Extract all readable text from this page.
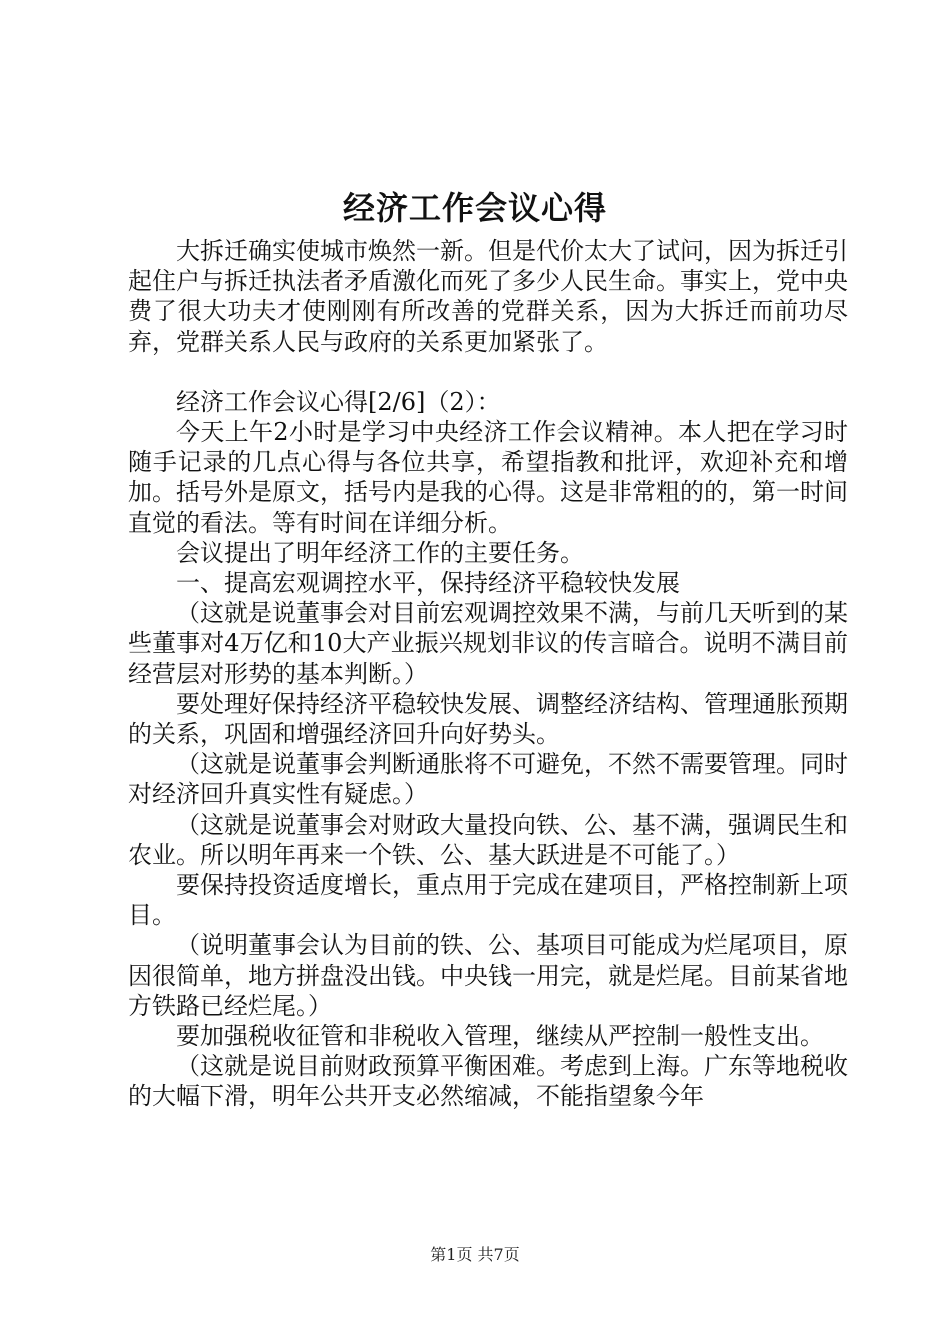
经济工作会议心得

大拆迁确实使城市焕然一新。但是代价太大了试问，因为拆迁引起住户与拆迁执法者矛盾激化而死了多少人民生命。事实上，党中央费了很大功夫才使刚刚有所改善的党群关系，因为大拆迁而前功尽弃，党群关系人民与政府的关系更加紧张了。

经济工作会议心得[2/6]（2）：

今天上午2小时是学习中央经济工作会议精神。本人把在学习时随手记录的几点心得与各位共享，希望指教和批评，欢迎补充和增加。括号外是原文，括号内是我的心得。这是非常粗的的，第一时间直觉的看法。等有时间在详细分析。

会议提出了明年经济工作的主要任务。

一、提高宏观调控水平，保持经济平稳较快发展

（这就是说董事会对目前宏观调控效果不满，与前几天听到的某些董事对4万亿和10大产业振兴规划非议的传言暗合。说明不满目前经营层对形势的基本判断。）

要处理好保持经济平稳较快发展、调整经济结构、管理通胀预期的关系，巩固和增强经济回升向好势头。

（这就是说董事会判断通胀将不可避免，不然不需要管理。同时对经济回升真实性有疑虑。）

（这就是说董事会对财政大量投向铁、公、基不满，强调民生和农业。所以明年再来一个铁、公、基大跃进是不可能了。）

要保持投资适度增长，重点用于完成在建项目，严格控制新上项目。

（说明董事会认为目前的铁、公、基项目可能成为烂尾项目，原因很简单，地方拼盘没出钱。中央钱一用完，就是烂尾。目前某省地方铁路已经烂尾。）

要加强税收征管和非税收入管理，继续从严控制一般性支出。

（这就是说目前财政预算平衡困难。考虑到上海。广东等地税收的大幅下滑，明年公共开支必然缩减，不能指望象今年

第1页 共7页
